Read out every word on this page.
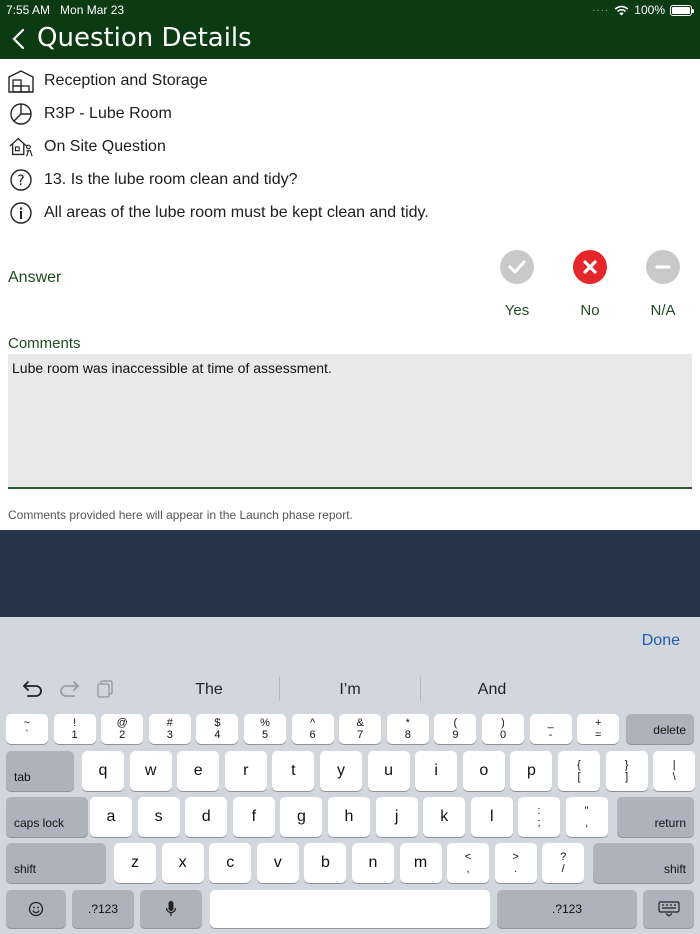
7:55 AM Mon Mar 23	···· 100%
Question Details
Reception and Storage
R3P - Lube Room
On Site Question
? 13. Is the lube room clean and tidy?
All areas of the lube room must be kept clean and tidy.
Answer
Yes	No	N/A
Comments
Lube room was inaccessible at time of assessment.
Comments provided here will appear in the Launch phase report.
Done
The	I’m	And
~
`
!
1
@
2
#
3
$
4
%
5
^
6
&
7
*
8
(
9
)
0
_
-
+
=	delete
tab	q	w	e	r	t	y	u	i	o	p	{
[
}
]
|
\
caps lock	a	s	d	f	g	h	j	k	l	:
;
"
,	return
shift	z	x	c	v	b	n	m	<
,
>
.
?
/	shift
.?123	.?123
